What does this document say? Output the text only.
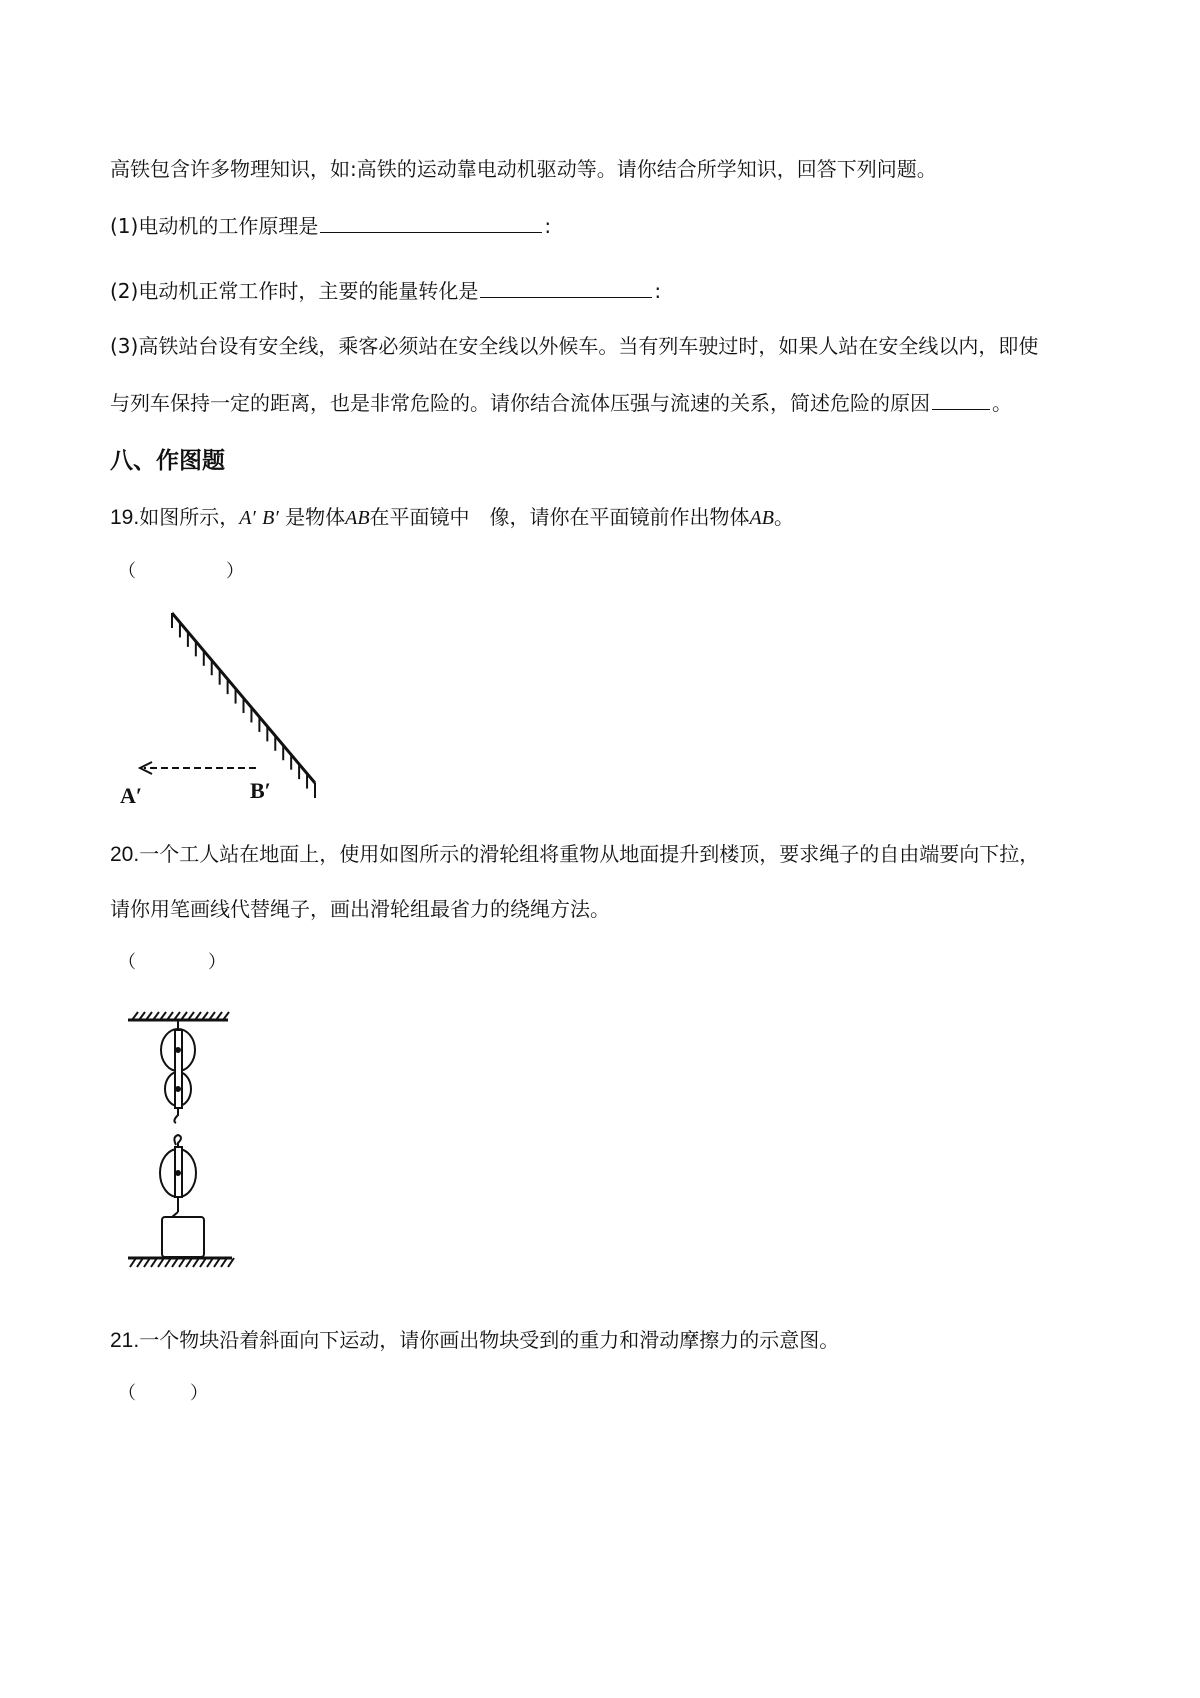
高铁包含许多物理知识，如:高铁的运动靠电动机驱动等。请你结合所学知识，回答下列问题。
(1)电动机的工作原理是	:
(2)电动机正常工作时，主要的能量转化是	:
(3)高铁站台设有安全线，乘客必须站在安全线以外候车。当有列车驶过时，如果人站在安全线以内，即使
与列车保持一定的距离，也是非常危险的。请你结合流体压强与流速的关系，简述危险的原因	。
八、作图题
19.如图所示，A′ B′ 是物体AB在平面镜中　像，请你在平面镜前作出物体AB。
（　　　　　）
A′	B′
20.一个工人站在地面上，使用如图所示的滑轮组将重物从地面提升到楼顶，要求绳子的自由端要向下拉，
请你用笔画线代替绳子，画出滑轮组最省力的绕绳方法。
（　　　　）
21.一个物块沿着斜面向下运动，请你画出物块受到的重力和滑动摩擦力的示意图。
（　　　）
